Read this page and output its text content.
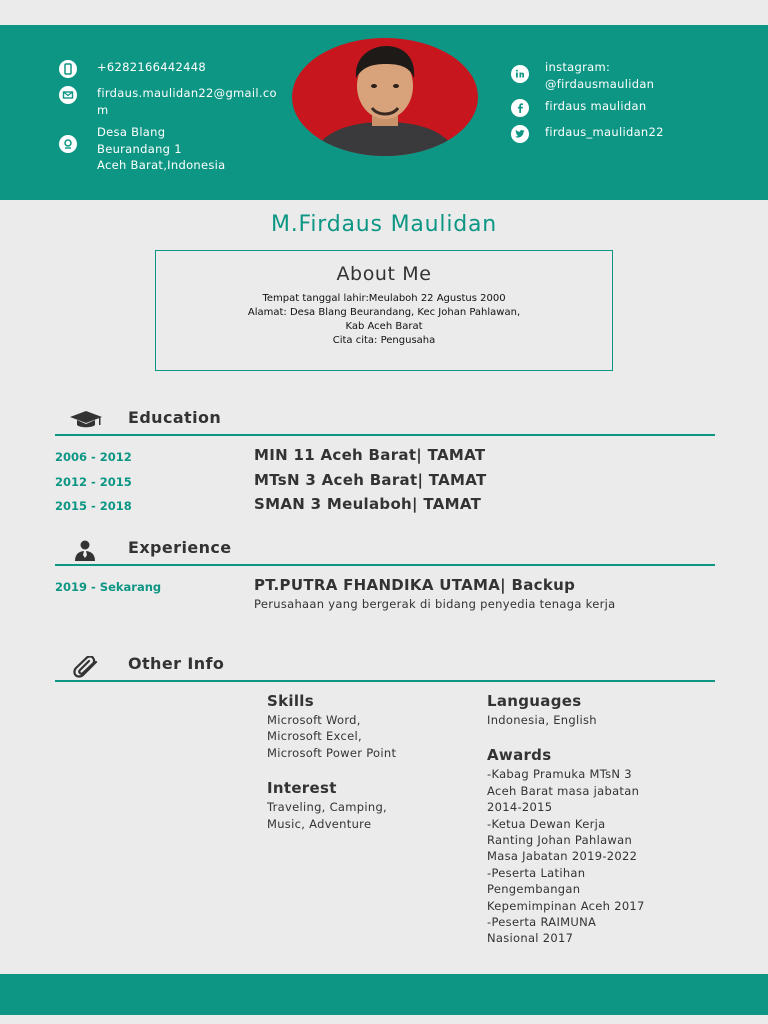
+6282166442448
firdaus.maulidan22@gmail.com
Desa Blang
Beurandang 1
Aceh Barat,Indonesia
instagram:
@firdausmaulidan
firdaus maulidan
firdaus_maulidan22
M.Firdaus Maulidan
About Me
Tempat tanggal lahir:Meulaboh 22 Agustus 2000
Alamat: Desa Blang Beurandang, Kec Johan Pahlawan,
Kab Aceh Barat
Cita cita: Pengusaha
Education
2006 - 2012	MIN 11 Aceh Barat| TAMAT
2012 - 2015	MTsN 3 Aceh Barat| TAMAT
2015 - 2018	SMAN 3 Meulaboh| TAMAT
Experience
2019 - Sekarang	PT.PUTRA FHANDIKA UTAMA| Backup
Perusahaan yang bergerak di bidang penyedia tenaga kerja
Other Info
Skills
Microsoft Word,
Microsoft Excel,
Microsoft Power Point
Interest
Traveling, Camping,
Music, Adventure
Languages
Indonesia, English
Awards
-Kabag Pramuka MTsN 3
Aceh Barat masa jabatan
2014-2015
-Ketua Dewan Kerja
Ranting Johan Pahlawan
Masa Jabatan 2019-2022
-Peserta Latihan
Pengembangan
Kepemimpinan Aceh 2017
-Peserta RAIMUNA
Nasional 2017
